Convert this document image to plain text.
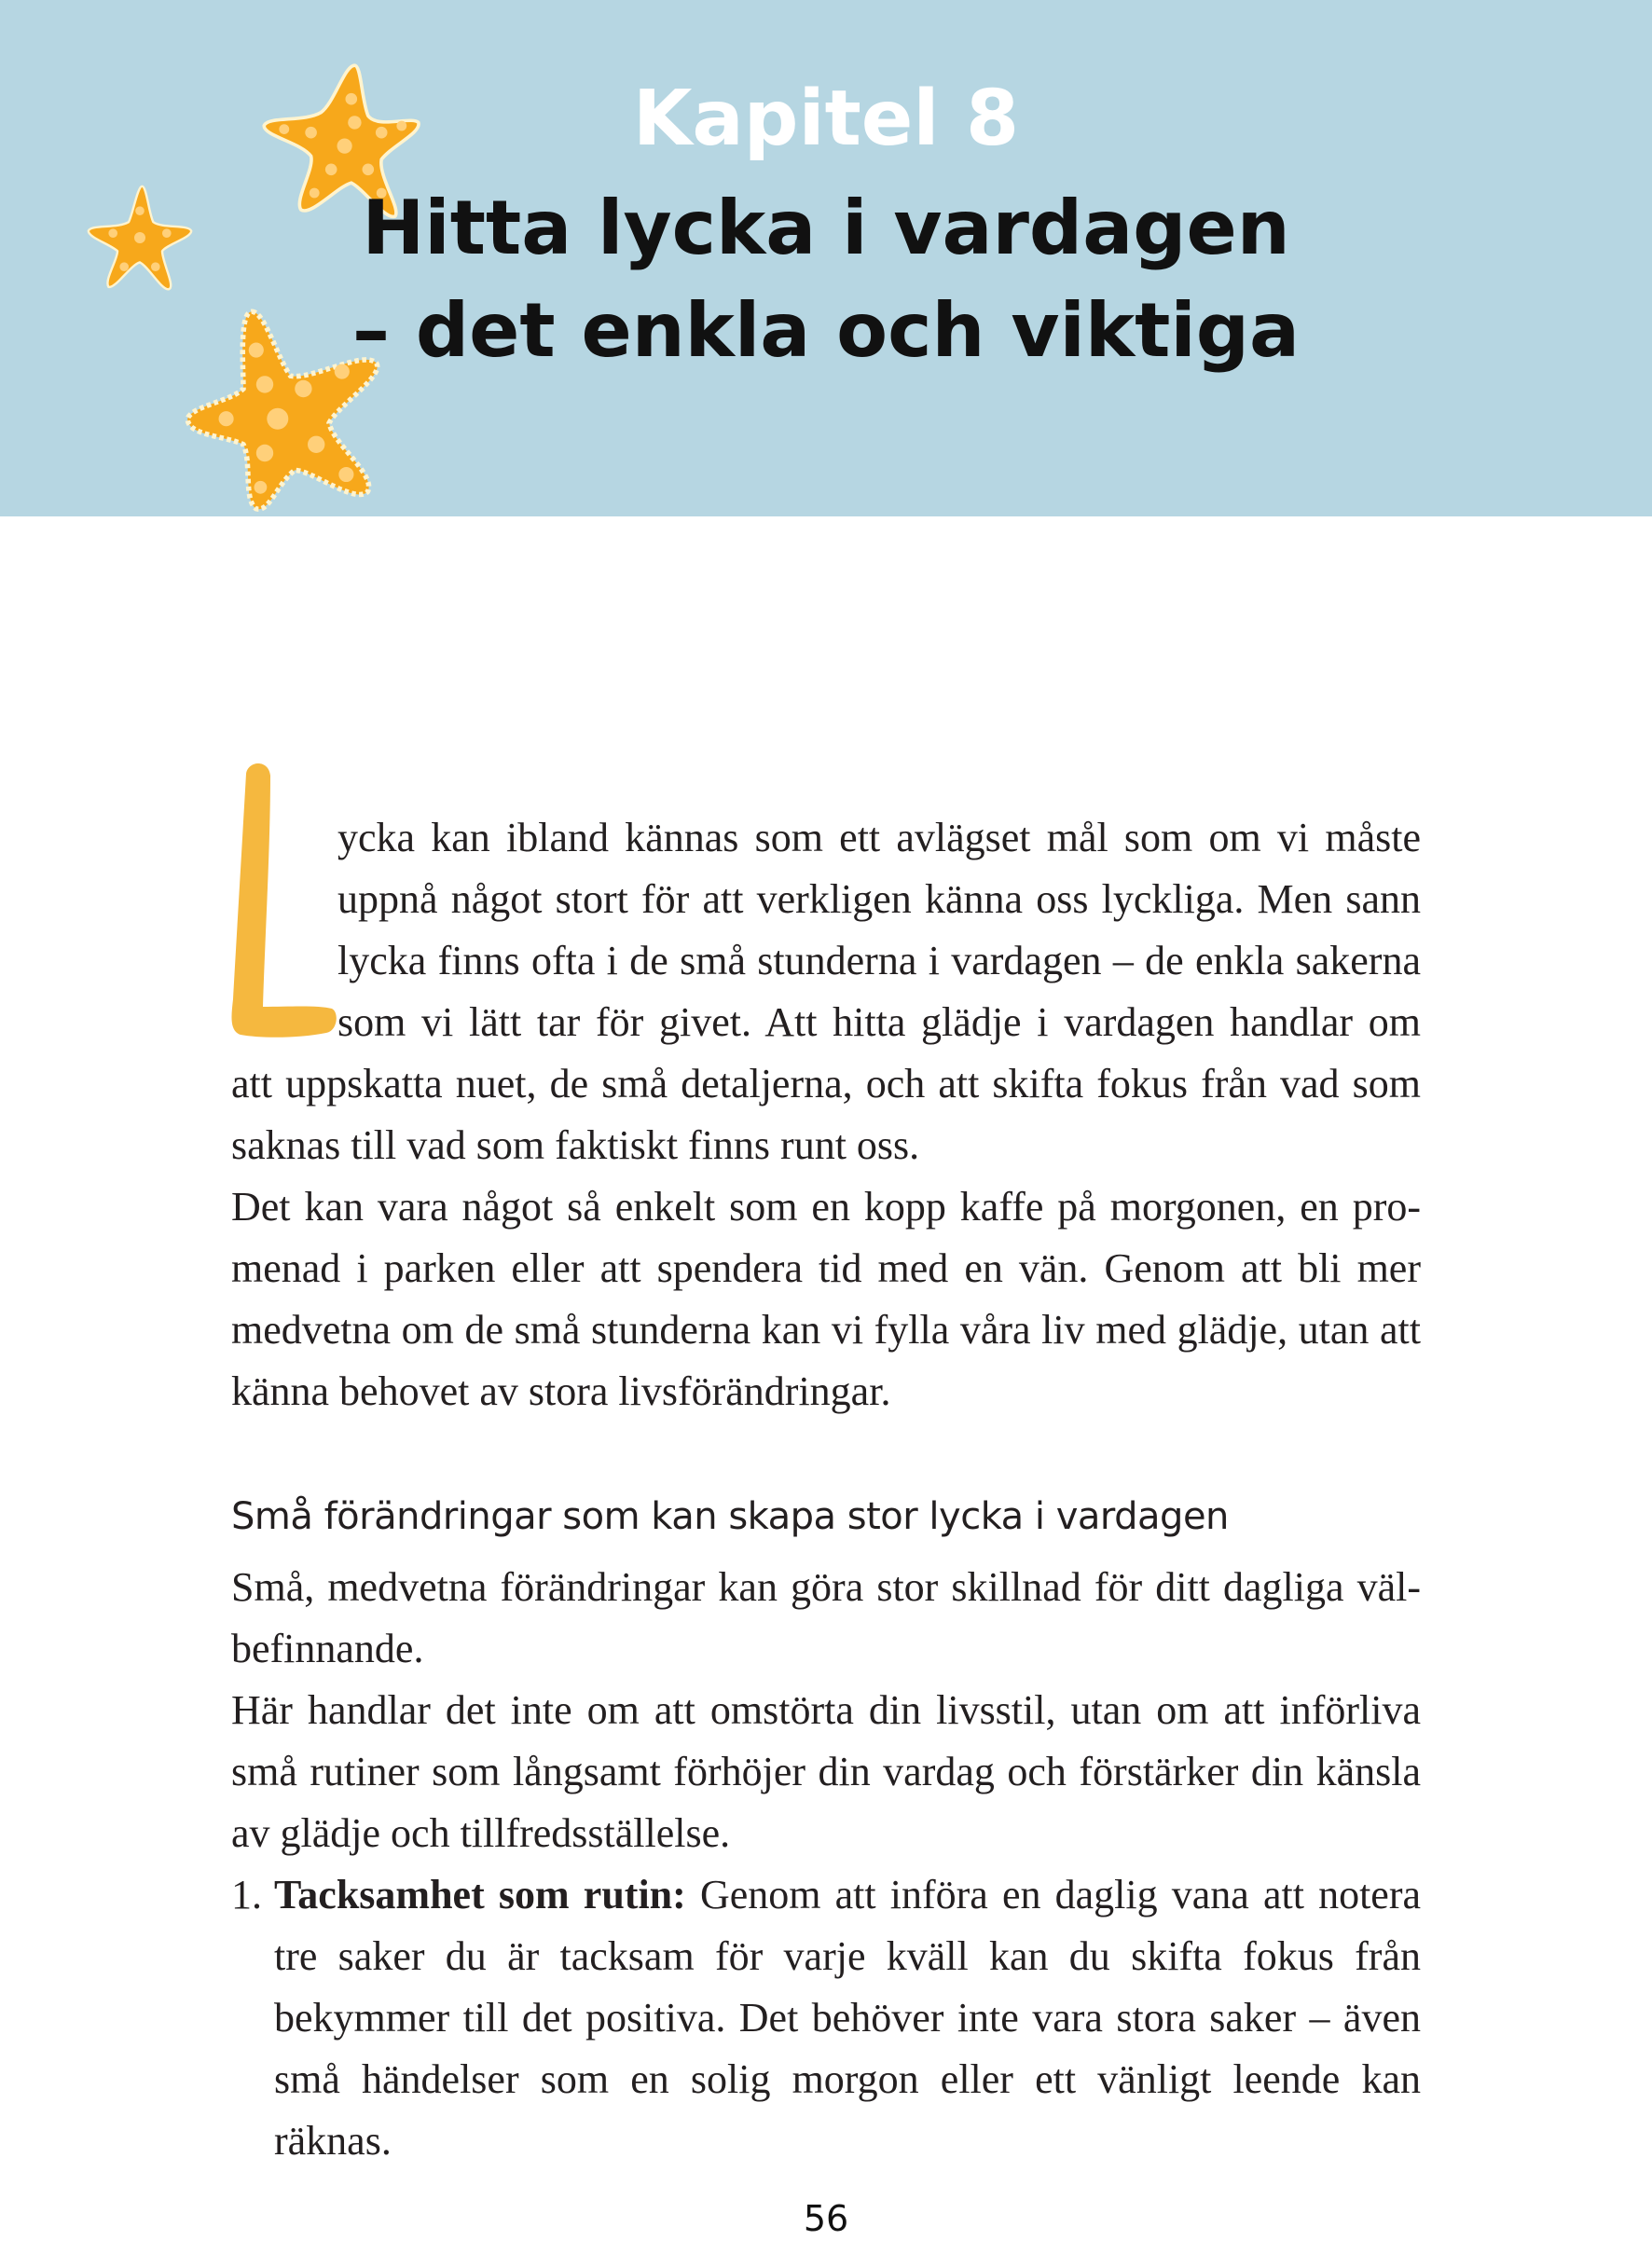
Kapitel 8
Hitta lycka i vardagen
– det enkla och viktiga
L

ycka kan ibland kännas som ett avlägset mål som om vi måste uppnå något stort för att verkligen känna oss lyckliga. Men sann lycka finns ofta i de små stunderna i vardagen – de enkla sakerna som vi lätt tar för givet. Att hitta glädje i vardagen handlar om

att uppskatta nuet, de små detaljerna, och att skifta fokus från vad som saknas till vad som faktiskt finns runt oss.

Det kan vara något så enkelt som en kopp kaffe på morgonen, en promenad i parken eller att spendera tid med en vän. Genom att bli mer medvetna om de små stunderna kan vi fylla våra liv med glädje, utan att känna behovet av stora livsförändringar.

Små förändringar som kan skapa stor lycka i vardagen

Små, medvetna förändringar kan göra stor skillnad för ditt dagliga välbefinnande.

Här handlar det inte om att omstörta din livsstil, utan om att införliva små rutiner som långsamt förhöjer din vardag och förstärker din känsla av glädje och tillfredsställelse.

1. Tacksamhet som rutin: Genom att införa en daglig vana att notera tre saker du är tacksam för varje kväll kan du skifta fokus från bekymmer till det positiva. Det behöver inte vara stora saker – även små händelser som en solig morgon eller ett vänligt leende kan räknas.

56
